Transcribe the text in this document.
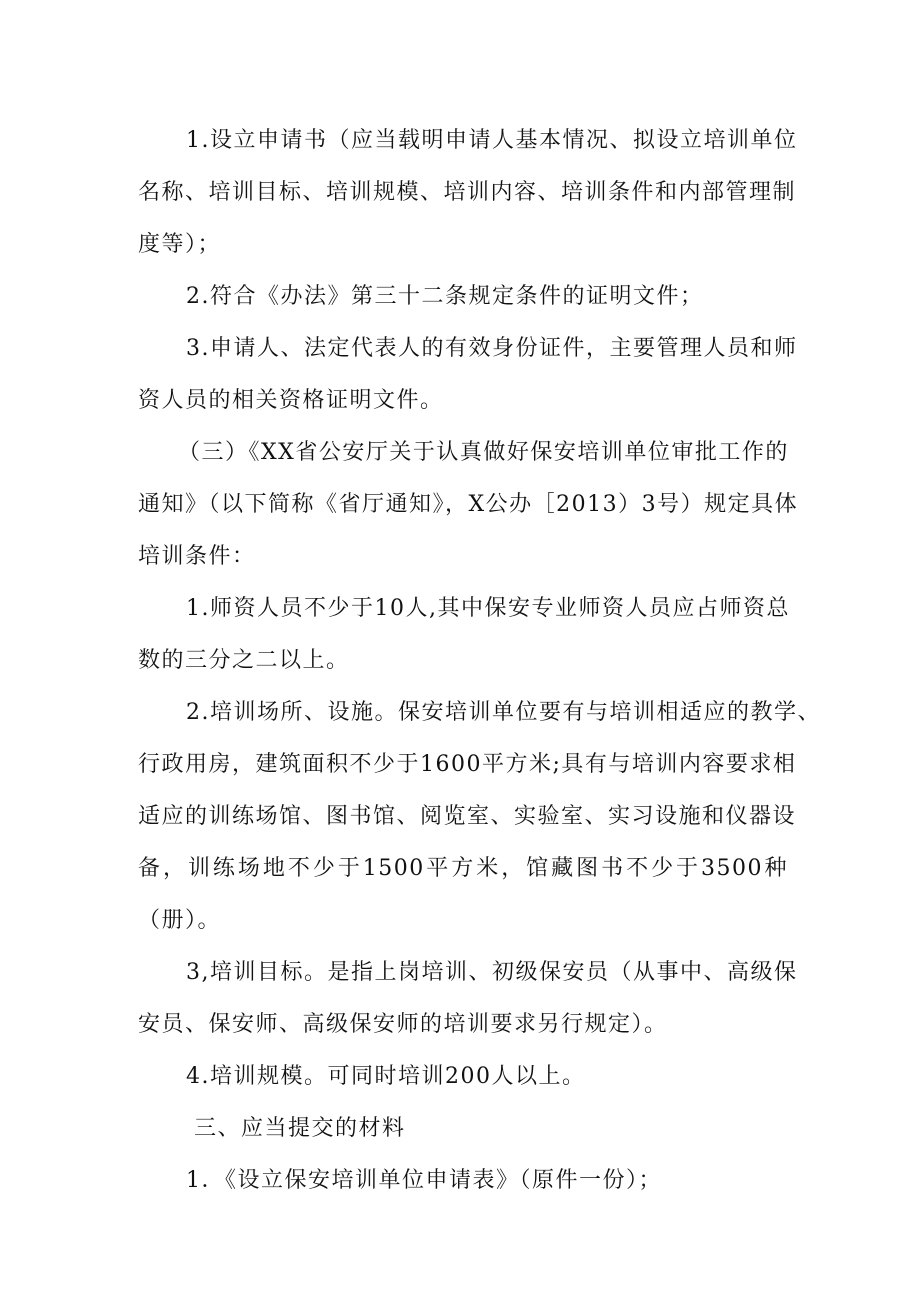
1.设立申请书（应当载明申请人基本情况、拟设立培训单位
名称、培训目标、培训规模、培训内容、培训条件和内部管理制
度等）；
2.符合《办法》第三十二条规定条件的证明文件；
3.申请人、法定代表人的有效身份证件，主要管理人员和师
资人员的相关资格证明文件。
（三）《XX省公安厅关于认真做好保安培训单位审批工作的
通知》（以下简称《省厅通知》，X公办［2013）3号）规定具体
培训条件：
1.师资人员不少于10人,其中保安专业师资人员应占师资总
数的三分之二以上。
2.培训场所、设施。保安培训单位要有与培训相适应的教学、
行政用房，建筑面积不少于1600平方米;具有与培训内容要求相
适应的训练场馆、图书馆、阅览室、实验室、实习设施和仪器设
备，训练场地不少于1500平方米，馆藏图书不少于3500种
（册）。
3,培训目标。是指上岗培训、初级保安员（从事中、高级保
安员、保安师、高级保安师的培训要求另行规定）。
4.培训规模。可同时培训200人以上。
三、应当提交的材料
1．《设立保安培训单位申请表》（原件一份）；
